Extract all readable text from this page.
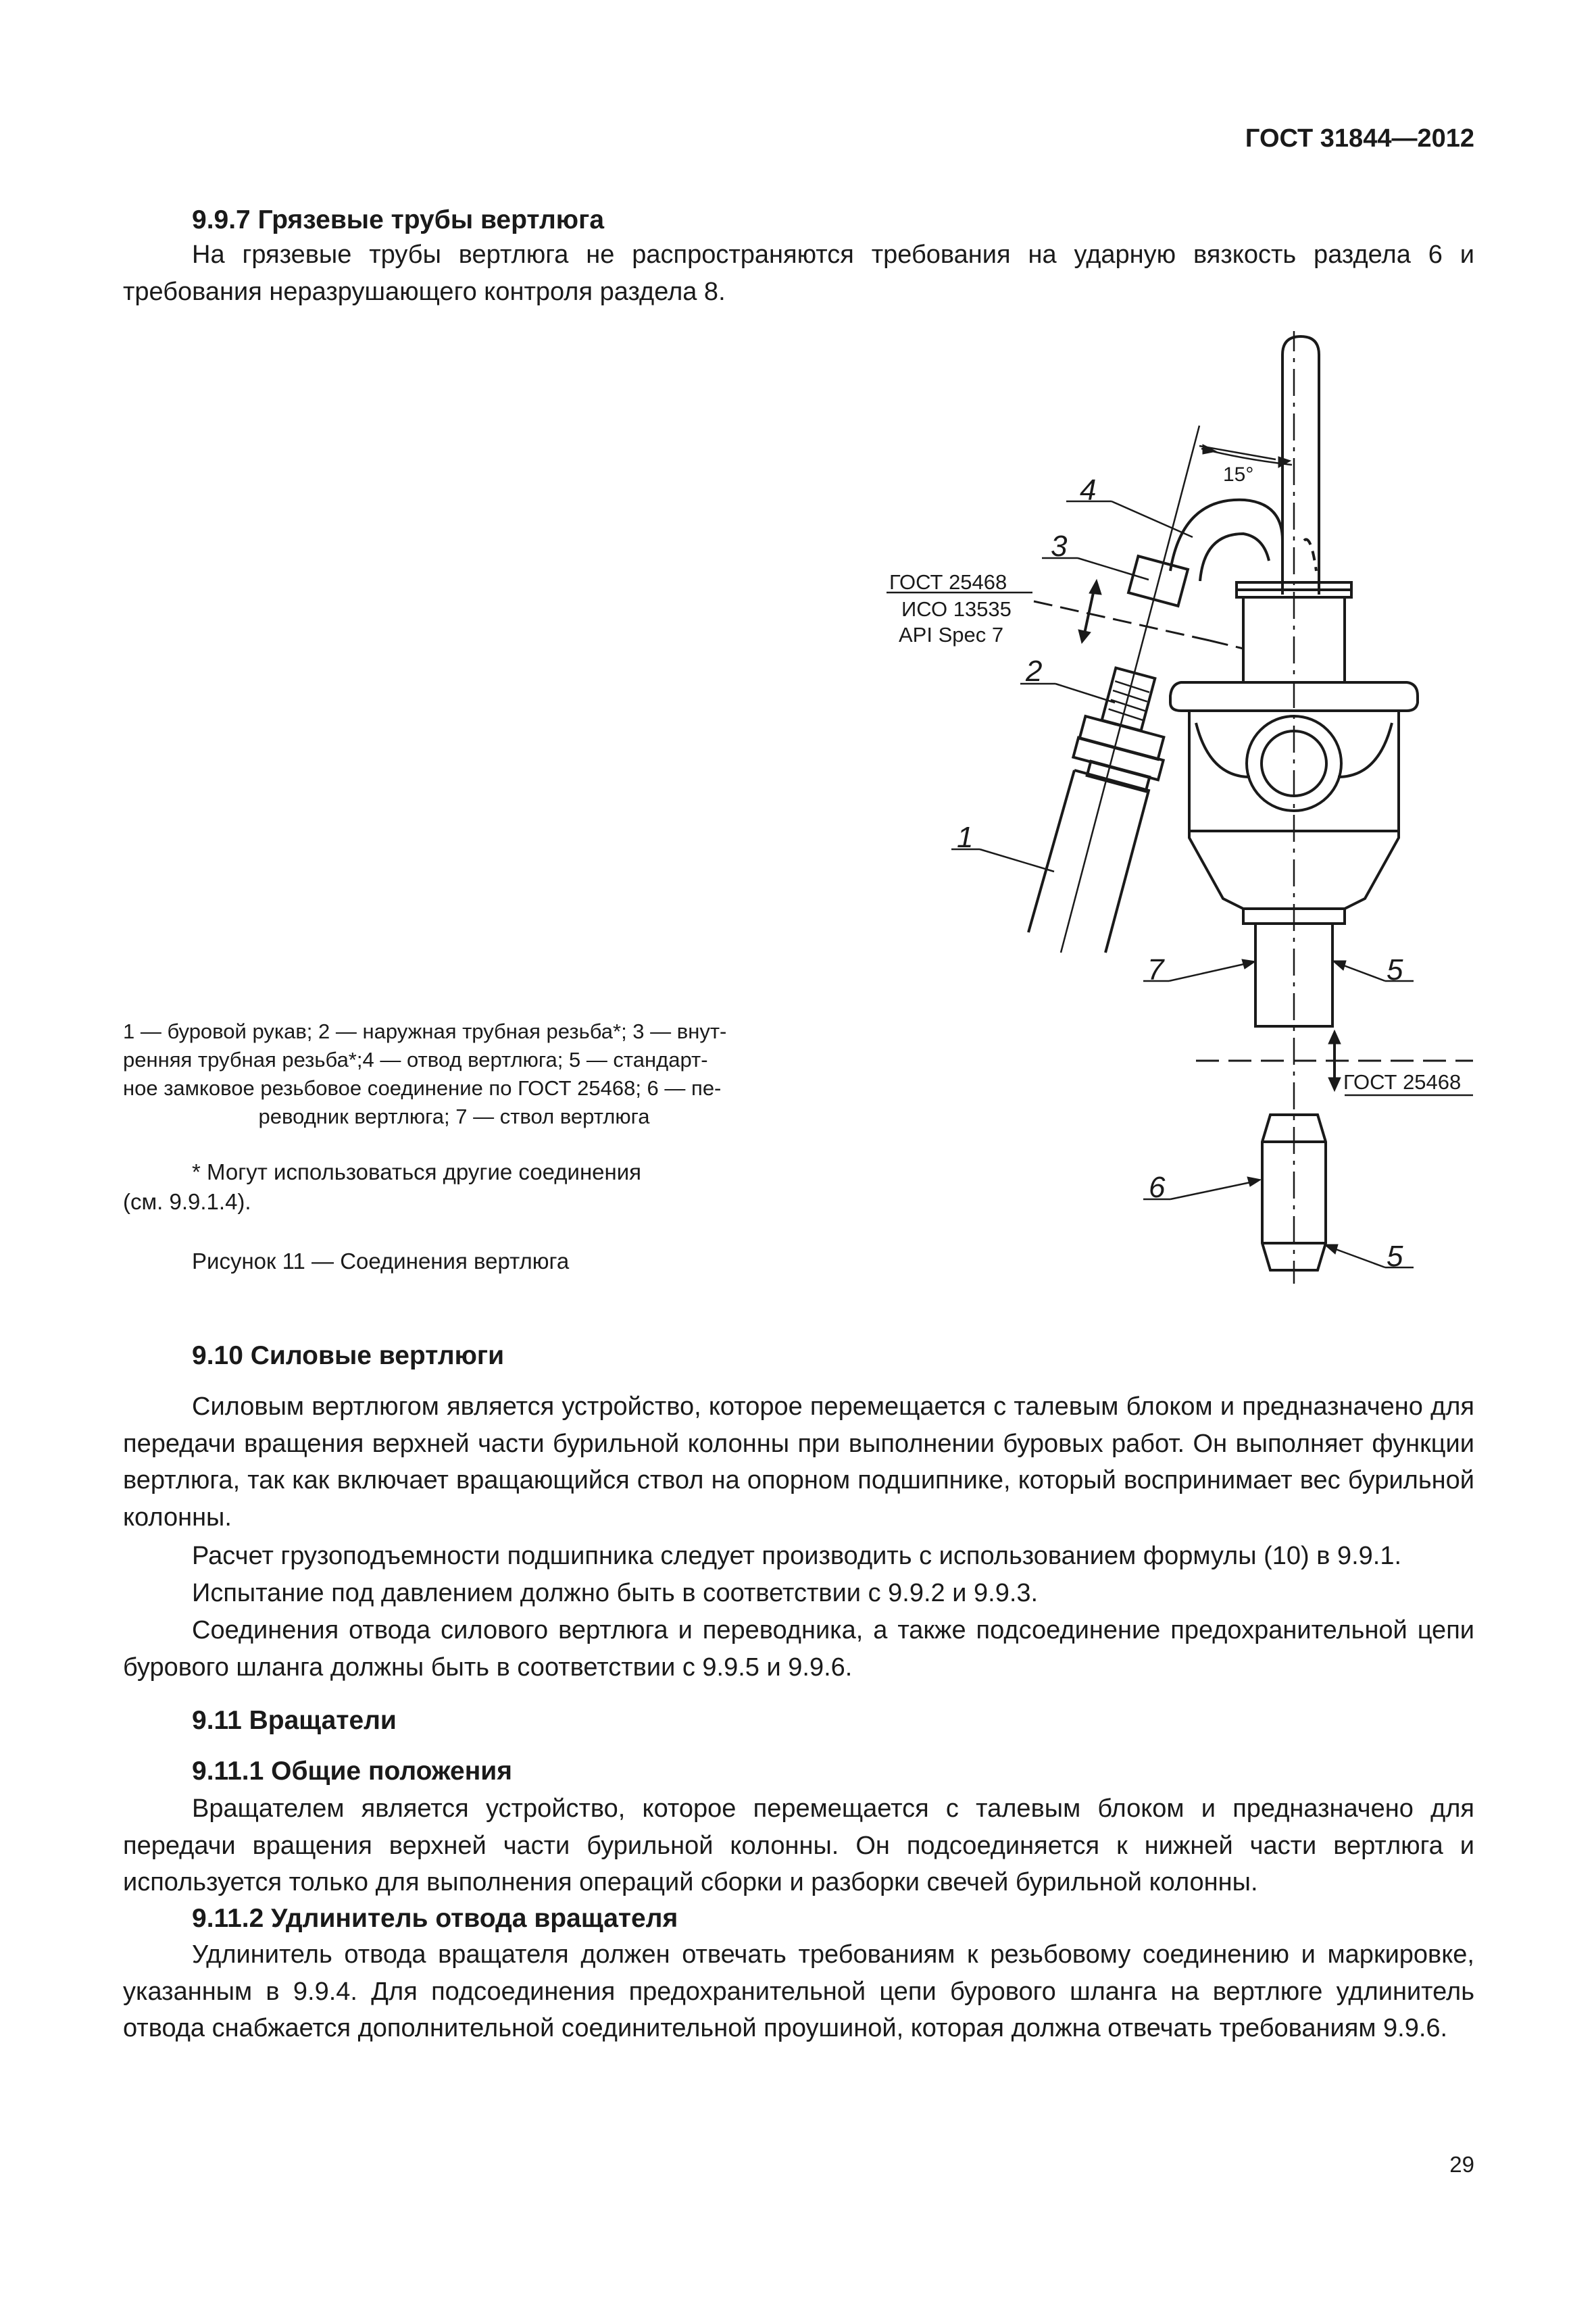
ГОСТ 31844—2012
9.9.7 Грязевые трубы вертлюга
На грязевые трубы вертлюга не распространяются требования на ударную вязкость раздела 6 и требования неразрушающего контроля раздела 8.
4
3
2
1
7	5
6
5
15°
ГОСТ 25468
ИСО 13535
API Spec 7
ГОСТ 25468
1 — буровой рукав; 2 — наружная трубная резьба*; 3 — внут-
ренняя трубная резьба*;4 — отвод вертлюга; 5 — стандарт-
ное замковое резьбовое соединение по ГОСТ 25468; 6 — пе-
реводник вертлюга; 7 — ствол вертлюга
* Могут использоваться другие соединения
(см. 9.9.1.4).
Рисунок 11 — Соединения вертлюга
9.10 Силовые вертлюги
Силовым вертлюгом является устройство, которое перемещается с талевым блоком и предназначено для передачи вращения верхней части бурильной колонны при выполнении буровых работ. Он выполняет функции вертлюга, так как включает вращающийся ствол на опорном подшипнике, который воспринимает вес бурильной колонны.
Расчет грузоподъемности подшипника следует производить с использованием формулы (10) в 9.9.1.
Испытание под давлением должно быть в соответствии с 9.9.2 и 9.9.3.
Соединения отвода силового вертлюга и переводника, а также подсоединение предохранительной цепи бурового шланга должны быть в соответствии с 9.9.5 и 9.9.6.
9.11 Вращатели
9.11.1 Общие положения
Вращателем является устройство, которое перемещается с талевым блоком и предназначено для передачи вращения верхней части бурильной колонны. Он подсоединяется к нижней части вертлюга и используется только для выполнения операций сборки и разборки свечей бурильной колонны.
9.11.2 Удлинитель отвода вращателя
Удлинитель отвода вращателя должен отвечать требованиям к резьбовому соединению и маркировке, указанным в 9.9.4. Для подсоединения предохранительной цепи бурового шланга на вертлюге удлинитель отвода снабжается дополнительной соединительной проушиной, которая должна отвечать требованиям 9.9.6.
29
